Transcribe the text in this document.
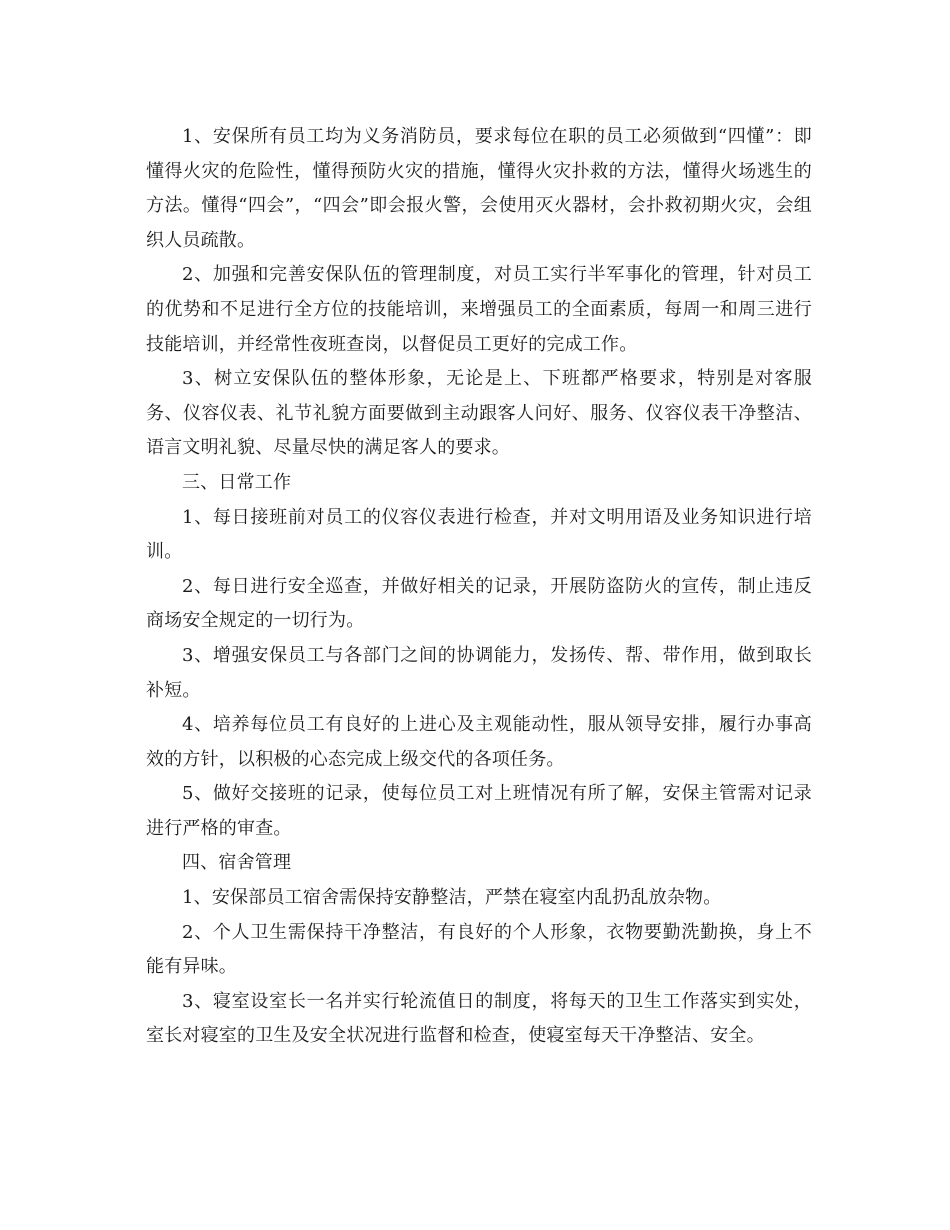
1、安保所有员工均为义务消防员，要求每位在职的员工必须做到“四懂”：即懂得火灾的危险性，懂得预防火灾的措施，懂得火灾扑救的方法，懂得火场逃生的方法。懂得“四会”，“四会”即会报火警，会使用灭火器材，会扑救初期火灾，会组织人员疏散。

2、加强和完善安保队伍的管理制度，对员工实行半军事化的管理，针对员工的优势和不足进行全方位的技能培训，来增强员工的全面素质，每周一和周三进行技能培训，并经常性夜班查岗，以督促员工更好的完成工作。

3、树立安保队伍的整体形象，无论是上、下班都严格要求，特别是对客服务、仪容仪表、礼节礼貌方面要做到主动跟客人问好、服务、仪容仪表干净整洁、语言文明礼貌、尽量尽快的满足客人的要求。

三、日常工作

1、每日接班前对员工的仪容仪表进行检查，并对文明用语及业务知识进行培训。

2、每日进行安全巡查，并做好相关的记录，开展防盗防火的宣传，制止违反商场安全规定的一切行为。

3、增强安保员工与各部门之间的协调能力，发扬传、帮、带作用，做到取长补短。

4、培养每位员工有良好的上进心及主观能动性，服从领导安排，履行办事高效的方针，以积极的心态完成上级交代的各项任务。

5、做好交接班的记录，使每位员工对上班情况有所了解，安保主管需对记录进行严格的审查。

四、宿舍管理

1、安保部员工宿舍需保持安静整洁，严禁在寝室内乱扔乱放杂物。

2、个人卫生需保持干净整洁，有良好的个人形象，衣物要勤洗勤换，身上不能有异味。

3、寝室设室长一名并实行轮流值日的制度，将每天的卫生工作落实到实处，室长对寝室的卫生及安全状况进行监督和检查，使寝室每天干净整洁、安全。
